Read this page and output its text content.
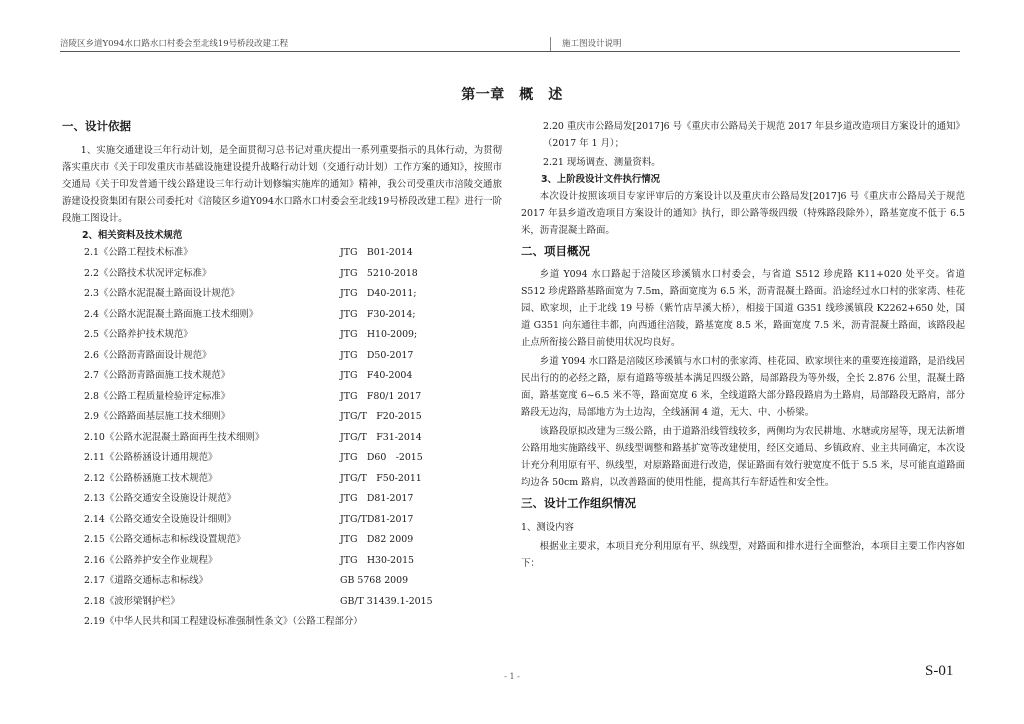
涪陵区乡道Y094水口路水口村委会至北线19号桥段改建工程	施工图设计说明
第一章　概　述
一、设计依据
1、实施交通建设三年行动计划，是全面贯彻习总书记对重庆提出一系列重要指示的具体行动，为贯彻落实重庆市《关于印发重庆市基础设施建设提升战略行动计划（交通行动计划）工作方案的通知》，按照市交通局《关于印发普通干线公路建设三年行动计划修编实施库的通知》精神，我公司受重庆市涪陵交通旅游建设投资集团有限公司委托对《涪陵区乡道Y094水口路水口村委会至北线19号桥段改建工程》进行一阶段施工图设计。
2、相关资料及技术规范
2.1《公路工程技术标准》	JTG　B01-2014
2.2《公路技术状况评定标准》	JTG　5210-2018
2.3《公路水泥混凝土路面设计规范》	JTG　D40-2011;
2.4《公路水泥混凝土路面施工技术细则》	JTG　F30-2014;
2.5《公路养护技术规范》	JTG　H10-2009;
2.6《公路沥青路面设计规范》	JTG　D50-2017
2.7《公路沥青路面施工技术规范》	JTG　F40-2004
2.8《公路工程质量检验评定标准》	JTG　F80/1 2017
2.9《公路路面基层施工技术细则》	JTG/T　F20-2015
2.10《公路水泥混凝土路面再生技术细则》	JTG/T　F31-2014
2.11《公路桥涵设计通用规范》	JTG　D60　-2015
2.12《公路桥涵施工技术规范》	JTG/T　F50-2011
2.13《公路交通安全设施设计规范》	JTG　D81-2017
2.14《公路交通安全设施设计细则》	JTG/TD81-2017
2.15《公路交通标志和标线设置规范》	JTG　D82 2009
2.16《公路养护安全作业规程》	JTG　H30-2015
2.17《道路交通标志和标线》	GB 5768 2009
2.18《波形梁钢护栏》	GB/T 31439.1-2015
2.19《中华人民共和国工程建设标准强制性条文》（公路工程部分）
2.20 重庆市公路局发[2017]6 号《重庆市公路局关于规范 2017 年县乡道改造项目方案设计的通知》（2017 年 1 月）；
2.21 现场调查、测量资料。
3、上阶段设计文件执行情况
本次设计按照该项目专家评审后的方案设计以及重庆市公路局发[2017]6 号《重庆市公路局关于规范 2017 年县乡道改造项目方案设计的通知》执行，即公路等级四级（特殊路段除外），路基宽度不低于 6.5 米，沥青混凝土路面。
二、项目概况
乡道 Y094 水口路起于涪陵区珍溪镇水口村委会，与省道 S512 珍虎路 K11+020 处平交。省道 S512 珍虎路路基路面宽为 7.5m，路面宽度为 6.5 米，沥青混凝土路面。沿途经过水口村的张家湾、桂花园、欧家坝，止于北线 19 号桥（紫竹店旱溪大桥），相接于国道 G351 线珍溪镇段 K2262+650 处，国道 G351 向东通往丰都，向西通往涪陵，路基宽度 8.5 米，路面宽度 7.5 米，沥青混凝土路面，该路段起止点所衔接公路目前使用状况均良好。
乡道 Y094 水口路是涪陵区珍溪镇与水口村的张家湾、桂花园、欧家坝往来的重要连接道路，是沿线居民出行的的必经之路，原有道路等级基本满足四级公路，局部路段为等外级，全长 2.876 公里，混凝土路面，路基宽度 6~6.5 米不等，路面宽度 6 米，全线道路大部分路段路肩为土路肩，局部路段无路肩，部分路段无边沟，局部地方为土边沟，全线涵洞 4 道，无大、中、小桥梁。
该路段原拟改建为三级公路，由于道路沿线管线较多，两侧均为农民耕地、水塘或房屋等，现无法新增公路用地实施路线平、纵线型调整和路基扩宽等改建使用，经区交通局、乡镇政府、业主共同确定，本次设计充分利用原有平、纵线型，对原路路面进行改造，保证路面有效行驶宽度不低于 5.5 米，尽可能直道路面均边各 50cm 路肩，以改善路面的使用性能，提高其行车舒适性和安全性。
三、设计工作组织情况
1、测设内容
根据业主要求，本项目充分利用原有平、纵线型，对路面和排水进行全面整治，本项目主要工作内容如下：
- 1 -	S-01
